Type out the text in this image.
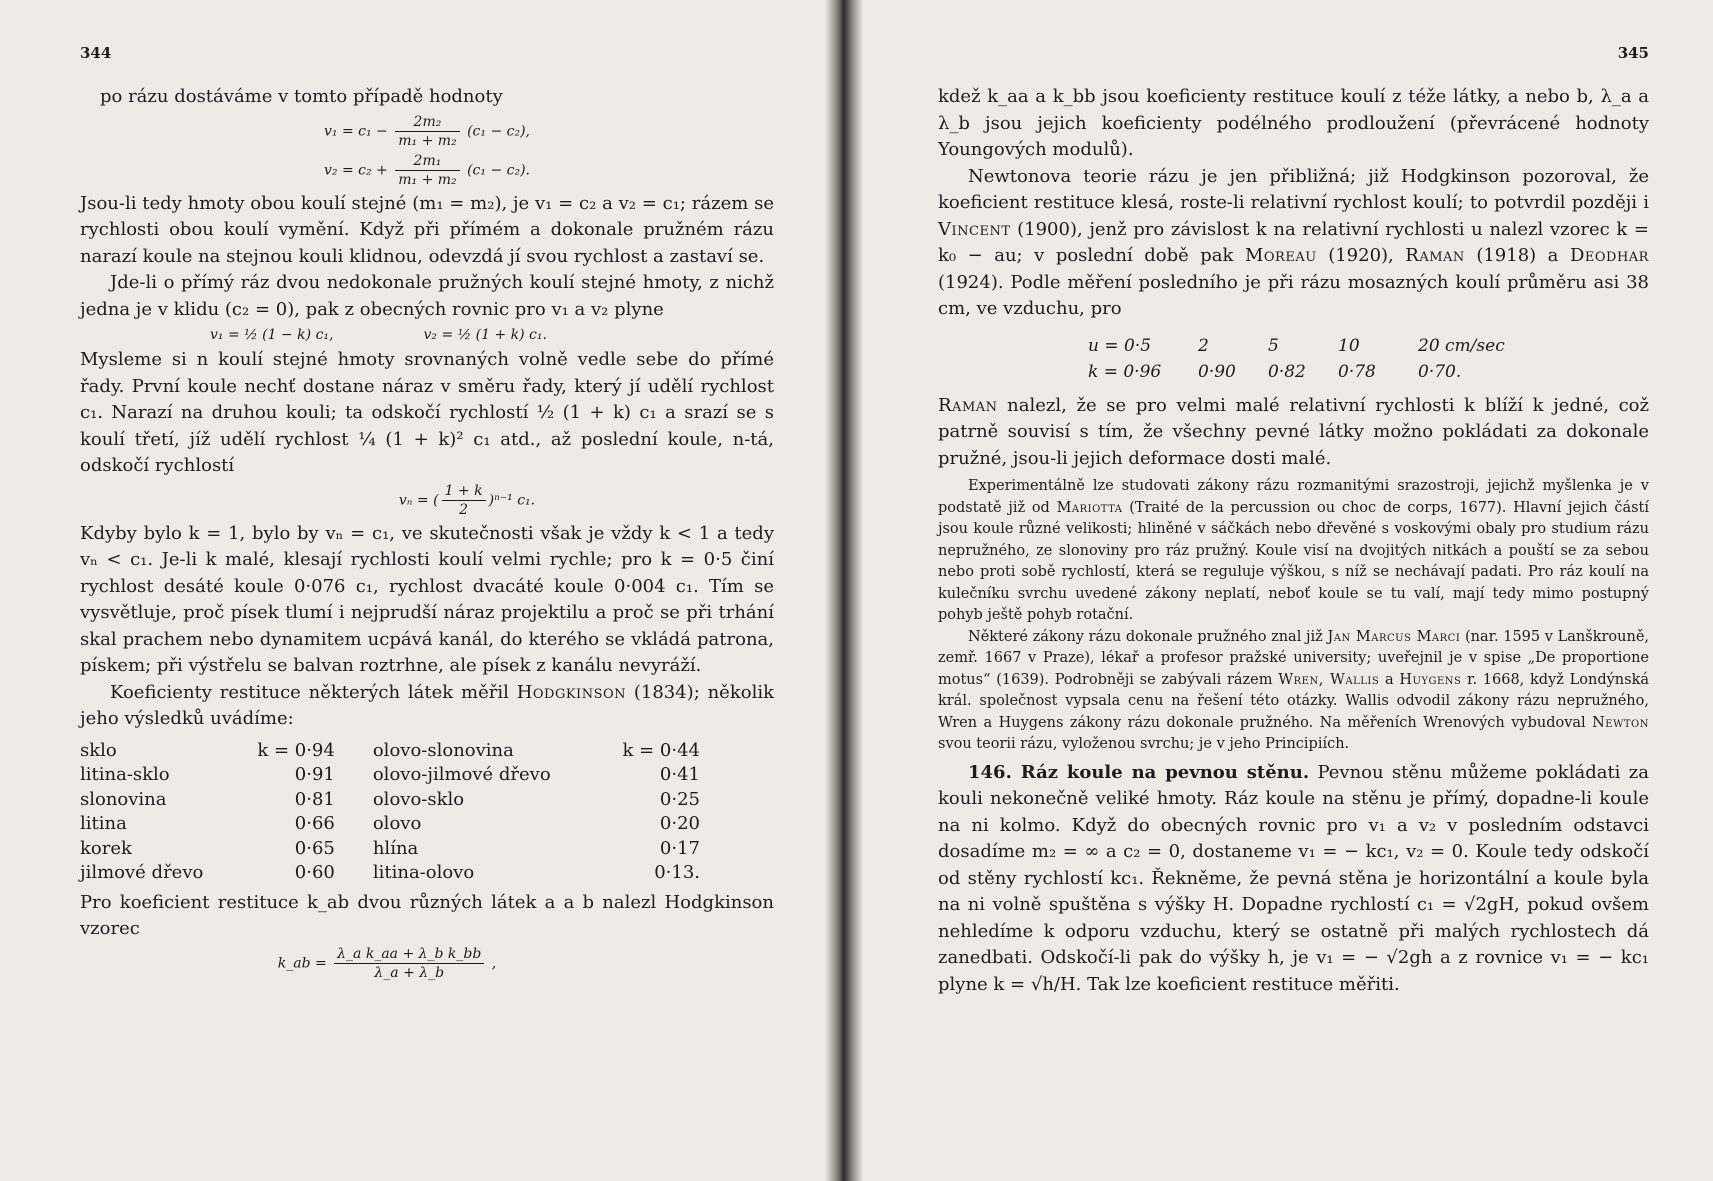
344

po rázu dostáváme v tomto případě hodnoty

$v_1 = c_1 - \frac{\text{2m₂}}{\text{m₁ + m₂}} (c_1 - c_2)$,
$v_2 = c_2 + \frac{\text{2m₁}}{\text{m₁ + m₂}} (c_1 - c_2)$.

Jsou-li tedy hmoty obou koulí stejné (m₁ = m₂), je v₁ = c₂ a v₂ = c₁; rázem se rychlosti obou koulí vymění. Když při přímém a dokonale pružném rázu narazí koule na stejnou kouli klidnou, odevzdá jí svou rychlost a zastaví se.

Jde-li o přímý ráz dvou nedokonale pružných koulí stejné hmoty, z nichž jedna je v klidu (c₂ = 0), pak z obecných rovnic pro v₁ a v₂ plyne

v₁ = ½ (1 − k) c₁,	v₂ = ½ (1 + k) c₁.

Mysleme si n koulí stejné hmoty srovnaných volně vedle sebe do přímé řady. První koule nechť dostane náraz v směru řady, který jí udělí rychlost c₁. Narazí na druhou kouli; ta odskočí rychlostí ½ (1 + k) c₁ a srazí se s koulí třetí, jíž udělí rychlost ¼ (1 + k)² c₁ atd., až poslední koule, n-tá, odskočí rychlostí

vₙ = ( $\frac{1 + k}{2} )^{n-1}$ c₁.

Kdyby bylo k = 1, bylo by vₙ = c₁, ve skutečnosti však je vždy k < 1 a tedy vₙ < c₁. Je-li k malé, klesají rychlosti koulí velmi rychle; pro k = 0·5 činí rychlost desáté koule 0·076 c₁, rychlost dvacáté koule 0·004 c₁. Tím se vysvětluje, proč písek tlumí i nejprudší náraz projektilu a proč se při trhání skal prachem nebo dynamitem ucpává kanál, do kterého se vkládá patrona, pískem; při výstřelu se balvan roztrhne, ale písek z kanálu nevyráží.

Koeficienty restituce některých látek měřil Hodgkinson (1834); několik jeho výsledků uvádíme:

sklo	k = 0·94	olovo-slonovina	k = 0·44
litina-sklo	0·91	olovo-jilmové dřevo	0·41
slonovina	0·81	olovo-sklo	0·25
litina	0·66	olovo	0·20
korek	0·65	hlína	0·17
jilmové dřevo	0·60	litina-olovo	0·13.

Pro koeficient restituce k_ab dvou různých látek a a b nalezl Hodgkinson vzorec

k_ab = $\frac{\text{λ\_a k\_aa + λ\_b k\_bb}}{\lambda\_a + \lambda\_b}$ ,
345

kdež k_aa a k_bb jsou koeficienty restituce koulí z téže látky, a nebo b, λ_a a λ_b jsou jejich koeficienty podélného prodloužení (převrácené hodnoty Youngových modulů).

Newtonova teorie rázu je jen přibližná; již Hodgkinson pozoroval, že koeficient restituce klesá, roste-li relativní rychlost koulí; to potvrdil později i Vincent (1900), jenž pro závislost k na relativní rychlosti u nalezl vzorec k = k₀ − au; v poslední době pak Moreau (1920), Raman (1918) a Deodhar (1924). Podle měření posledního je při rázu mosazných koulí průměru asi 38 cm, ve vzduchu, pro

u = 0·5	2	5	10	20 cm/sec
k = 0·96	0·90	0·82	0·78	0·70.

Raman nalezl, že se pro velmi malé relativní rychlosti k blíží k jedné, což patrně souvisí s tím, že všechny pevné látky možno pokládati za dokonale pružné, jsou-li jejich deformace dosti malé.

Experimentálně lze studovati zákony rázu rozmanitými srazostroji, jejichž myšlenka je v podstatě již od Mariotta (Traité de la percussion ou choc de corps, 1677). Hlavní jejich částí jsou koule různé velikosti; hliněné v sáčkách nebo dřevěné s voskovými obaly pro studium rázu nepružného, ze slonoviny pro ráz pružný. Koule visí na dvojitých nitkách a pouští se za sebou nebo proti sobě rychlostí, která se reguluje výškou, s níž se nechávají padati. Pro ráz koulí na kulečníku svrchu uvedené zákony neplatí, neboť koule se tu valí, mají tedy mimo postupný pohyb ještě pohyb rotační.

Některé zákony rázu dokonale pružného znal již Jan Marcus Marci (nar. 1595 v Lanškrouně, zemř. 1667 v Praze), lékař a profesor pražské university; uveřejnil je v spise „De proportione motus“ (1639). Podrobněji se zabývali rázem Wren, Wallis a Huygens r. 1668, když Londýnská král. společnost vypsala cenu na řešení této otázky. Wallis odvodil zákony rázu nepružného, Wren a Huygens zákony rázu dokonale pružného. Na měřeních Wrenových vybudoval Newton svou teorii rázu, vyloženou svrchu; je v jeho Principiích.

146. Ráz koule na pevnou stěnu. Pevnou stěnu můžeme pokládati za kouli nekonečně veliké hmoty. Ráz koule na stěnu je přímý, dopadne-li koule na ni kolmo. Když do obecných rovnic pro v₁ a v₂ v posledním odstavci dosadíme m₂ = ∞ a c₂ = 0, dostaneme v₁ = − kc₁, v₂ = 0. Koule tedy odskočí od stěny rychlostí kc₁. Řekněme, že pevná stěna je horizontální a koule byla na ni volně spuštěna s výšky H. Dopadne rychlostí c₁ = √2gH, pokud ovšem nehledíme k odporu vzduchu, který se ostatně při malých rychlostech dá zanedbati. Odskočí-li pak do výšky h, je v₁ = − √2gh a z rovnice v₁ = − kc₁ plyne k = √h/H. Tak lze koeficient restituce měřiti.
